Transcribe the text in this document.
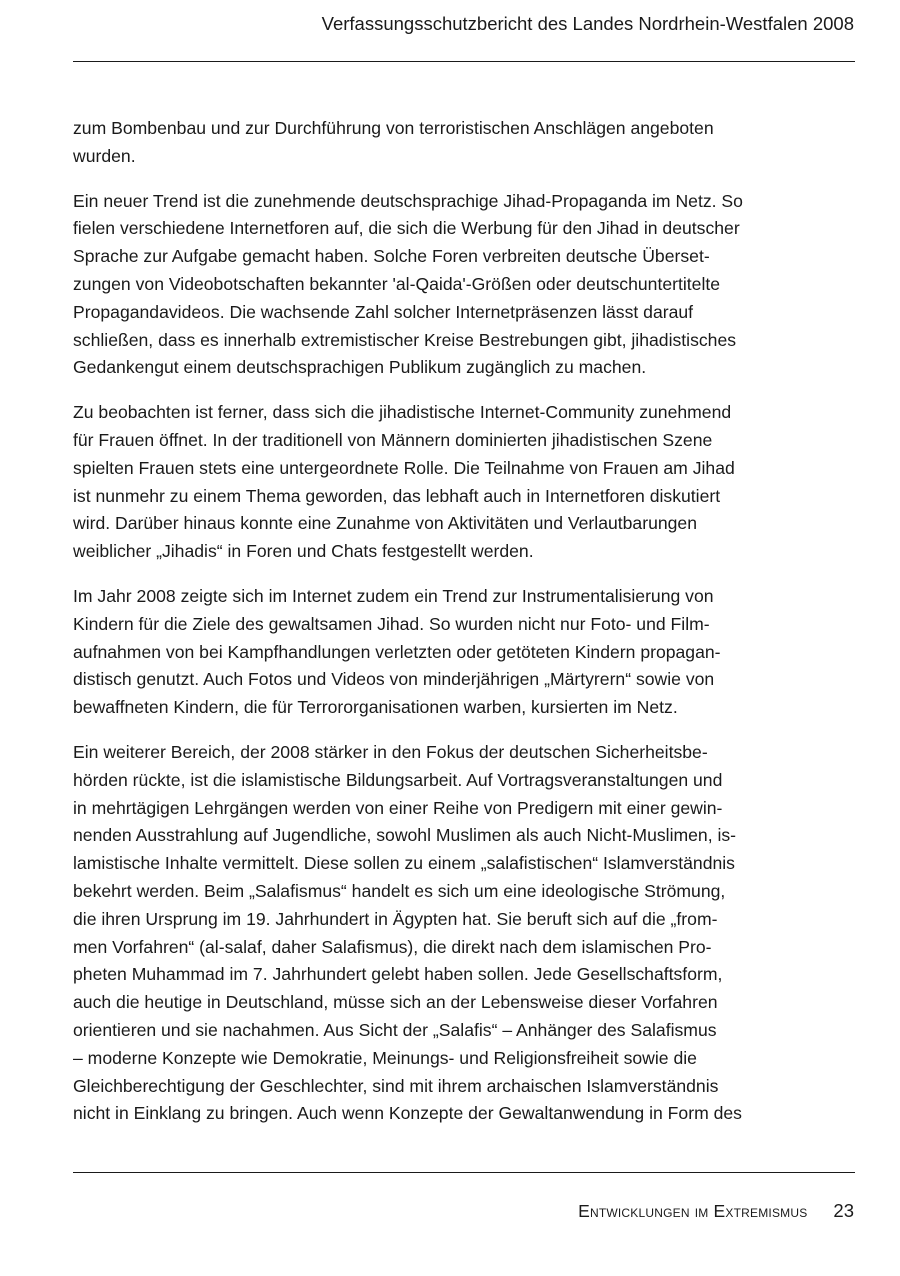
Verfassungsschutzbericht des Landes Nordrhein-Westfalen 2008

zum Bombenbau und zur Durchführung von terroristischen Anschlägen angeboten
wurden.

Ein neuer Trend ist die zunehmende deutschsprachige Jihad-Propaganda im Netz. So
fielen verschiedene Internetforen auf, die sich die Werbung für den Jihad in deutscher
Sprache zur Aufgabe gemacht haben. Solche Foren verbreiten deutsche Überset-
zungen von Videobotschaften bekannter 'al-Qaida'-Größen oder deutschuntertitelte
Propagandavideos. Die wachsende Zahl solcher Internetpräsenzen lässt darauf
schließen, dass es innerhalb extremistischer Kreise Bestrebungen gibt, jihadistisches
Gedankengut einem deutschsprachigen Publikum zugänglich zu machen.

Zu beobachten ist ferner, dass sich die jihadistische Internet-Community zunehmend
für Frauen öffnet. In der traditionell von Männern dominierten jihadistischen Szene
spielten Frauen stets eine untergeordnete Rolle. Die Teilnahme von Frauen am Jihad
ist nunmehr zu einem Thema geworden, das lebhaft auch in Internetforen diskutiert
wird. Darüber hinaus konnte eine Zunahme von Aktivitäten und Verlautbarungen
weiblicher „Jihadis“ in Foren und Chats festgestellt werden.

Im Jahr 2008 zeigte sich im Internet zudem ein Trend zur Instrumentalisierung von
Kindern für die Ziele des gewaltsamen Jihad. So wurden nicht nur Foto- und Film-
aufnahmen von bei Kampfhandlungen verletzten oder getöteten Kindern propagan-
distisch genutzt. Auch Fotos und Videos von minderjährigen „Märtyrern“ sowie von
bewaffneten Kindern, die für Terrororganisationen warben, kursierten im Netz.

Ein weiterer Bereich, der 2008 stärker in den Fokus der deutschen Sicherheitsbe-
hörden rückte, ist die islamistische Bildungsarbeit. Auf Vortragsveranstaltungen und
in mehrtägigen Lehrgängen werden von einer Reihe von Predigern mit einer gewin-
nenden Ausstrahlung auf Jugendliche, sowohl Muslimen als auch Nicht-Muslimen, is-
lamistische Inhalte vermittelt. Diese sollen zu einem „salafistischen“ Islamverständnis
bekehrt werden. Beim „Salafismus“ handelt es sich um eine ideologische Strömung,
die ihren Ursprung im 19. Jahrhundert in Ägypten hat. Sie beruft sich auf die „from-
men Vorfahren“ (al-salaf, daher Salafismus), die direkt nach dem islamischen Pro-
pheten Muhammad im 7. Jahrhundert gelebt haben sollen. Jede Gesellschaftsform,
auch die heutige in Deutschland, müsse sich an der Lebensweise dieser Vorfahren
orientieren und sie nachahmen. Aus Sicht der „Salafis“ – Anhänger des Salafismus
– moderne Konzepte wie Demokratie, Meinungs- und Religionsfreiheit sowie die
Gleichberechtigung der Geschlechter, sind mit ihrem archaischen Islamverständnis
nicht in Einklang zu bringen. Auch wenn Konzepte der Gewaltanwendung in Form des

Entwicklungen im Extremismus 23
